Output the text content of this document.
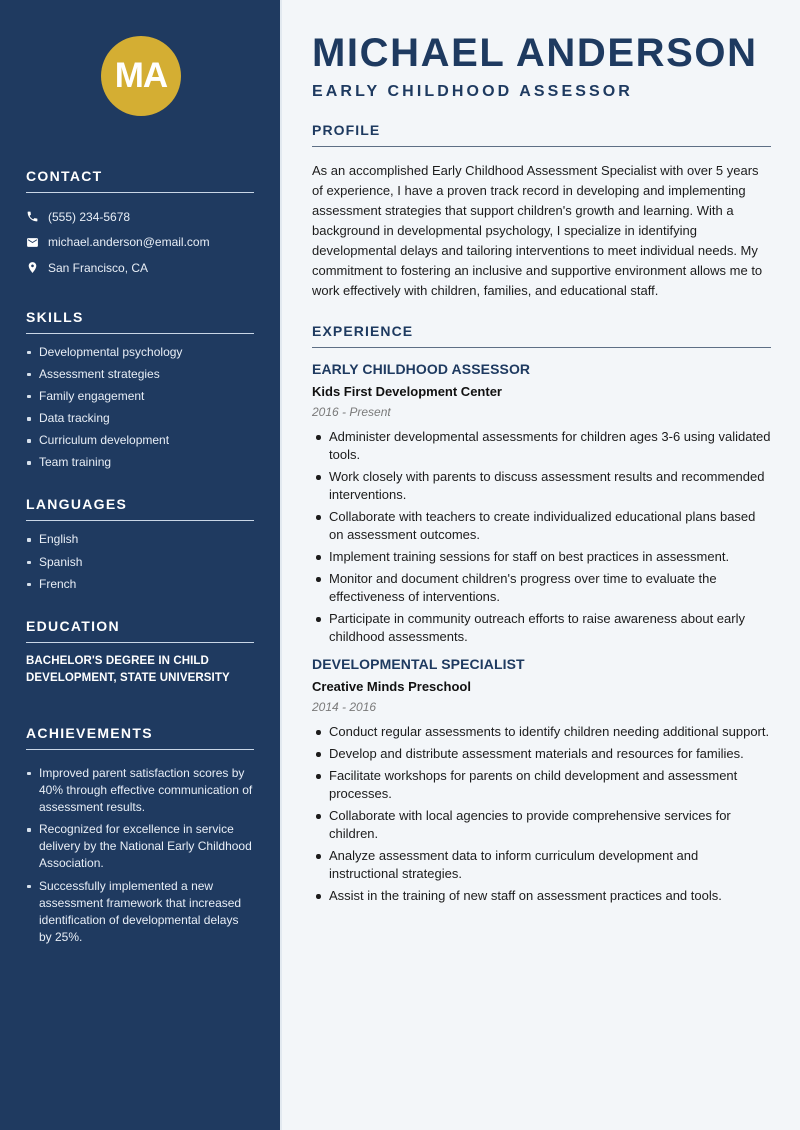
MA
CONTACT
(555) 234-5678
michael.anderson@email.com
San Francisco, CA
SKILLS
Developmental psychology
Assessment strategies
Family engagement
Data tracking
Curriculum development
Team training
LANGUAGES
English
Spanish
French
EDUCATION

BACHELOR'S DEGREE IN CHILD DEVELOPMENT, STATE UNIVERSITY

ACHIEVEMENTS
Improved parent satisfaction scores by 40% through effective communication of assessment results.
Recognized for excellence in service delivery by the National Early Childhood Association.
Successfully implemented a new assessment framework that increased identification of developmental delays by 25%.
MICHAEL ANDERSON
EARLY CHILDHOOD ASSESSOR
PROFILE

As an accomplished Early Childhood Assessment Specialist with over 5 years of experience, I have a proven track record in developing and implementing assessment strategies that support children's growth and learning. With a background in developmental psychology, I specialize in identifying developmental delays and tailoring interventions to meet individual needs. My commitment to fostering an inclusive and supportive environment allows me to work effectively with children, families, and educational staff.

EXPERIENCE
EARLY CHILDHOOD ASSESSOR
Kids First Development Center
2016 - Present
Administer developmental assessments for children ages 3-6 using validated tools.
Work closely with parents to discuss assessment results and recommended interventions.
Collaborate with teachers to create individualized educational plans based on assessment outcomes.
Implement training sessions for staff on best practices in assessment.
Monitor and document children's progress over time to evaluate the effectiveness of interventions.
Participate in community outreach efforts to raise awareness about early childhood assessments.
DEVELOPMENTAL SPECIALIST
Creative Minds Preschool
2014 - 2016
Conduct regular assessments to identify children needing additional support.
Develop and distribute assessment materials and resources for families.
Facilitate workshops for parents on child development and assessment processes.
Collaborate with local agencies to provide comprehensive services for children.
Analyze assessment data to inform curriculum development and instructional strategies.
Assist in the training of new staff on assessment practices and tools.
